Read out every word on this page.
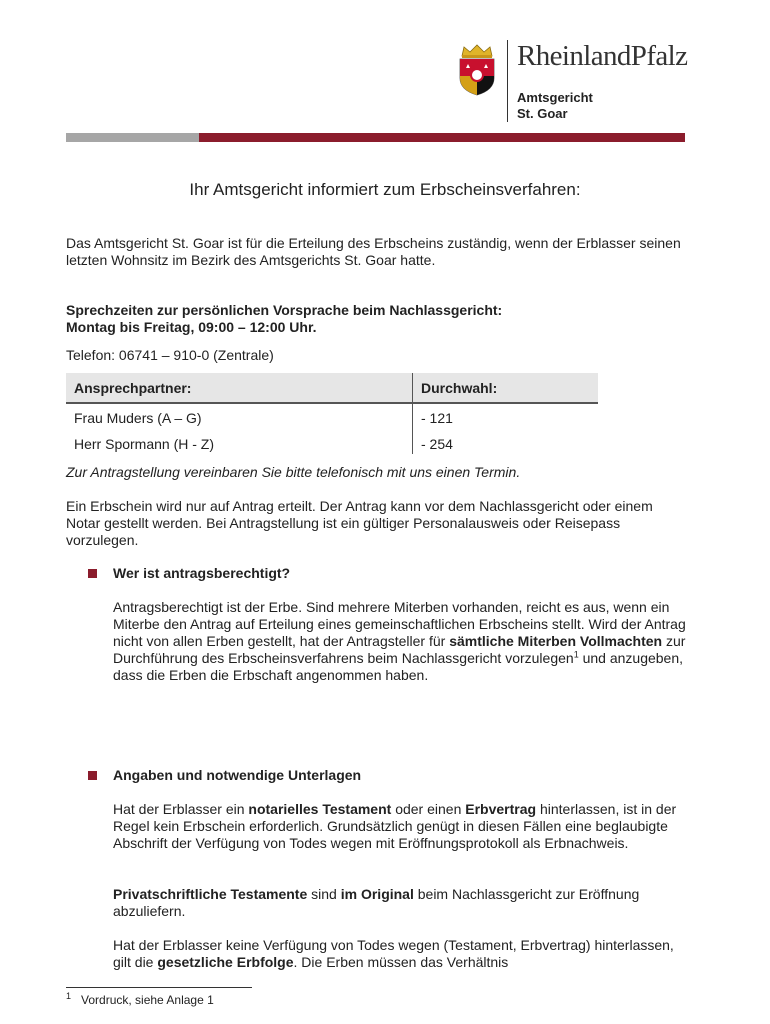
RheinlandPfalz
Amtsgericht
St. Goar
Ihr Amtsgericht informiert zum Erbscheinsverfahren:
Das Amtsgericht St. Goar ist für die Erteilung des Erbscheins zuständig, wenn der Erblasser seinen letzten Wohnsitz im Bezirk des Amtsgerichts St. Goar hatte.
Sprechzeiten zur persönlichen Vorsprache beim Nachlassgericht:
Montag bis Freitag, 09:00 – 12:00 Uhr.
Telefon: 06741 – 910-0 (Zentrale)
Ansprechpartner:	Durchwahl:
Frau Muders (A – G)	- 121
Herr Spormann (H - Z)	- 254
Zur Antragstellung vereinbaren Sie bitte telefonisch mit uns einen Termin.
Ein Erbschein wird nur auf Antrag erteilt. Der Antrag kann vor dem Nachlassgericht oder einem Notar gestellt werden. Bei Antragstellung ist ein gültiger Personalausweis oder Reisepass vorzulegen.
Wer ist antragsberechtigt?
Antragsberechtigt ist der Erbe. Sind mehrere Miterben vorhanden, reicht es aus, wenn ein Miterbe den Antrag auf Erteilung eines gemeinschaftlichen Erbscheins stellt. Wird der Antrag nicht von allen Erben gestellt, hat der Antragsteller für sämtliche Miterben Vollmachten zur Durchführung des Erbscheinsverfahrens beim Nachlassgericht vorzulegen$^1$ und anzugeben, dass die Erben die Erbschaft angenommen haben.
Angaben und notwendige Unterlagen
Hat der Erblasser ein notarielles Testament oder einen Erbvertrag hinterlassen, ist in der Regel kein Erbschein erforderlich. Grundsätzlich genügt in diesen Fällen eine beglaubigte Abschrift der Verfügung von Todes wegen mit Eröffnungsprotokoll als Erbnachweis.
Privatschriftliche Testamente sind im Original beim Nachlassgericht zur Eröffnung abzuliefern.
Hat der Erblasser keine Verfügung von Todes wegen (Testament, Erbvertrag) hinterlassen, gilt die gesetzliche Erbfolge. Die Erben müssen das Verhältnis
$^1$ Vordruck, siehe Anlage 1
